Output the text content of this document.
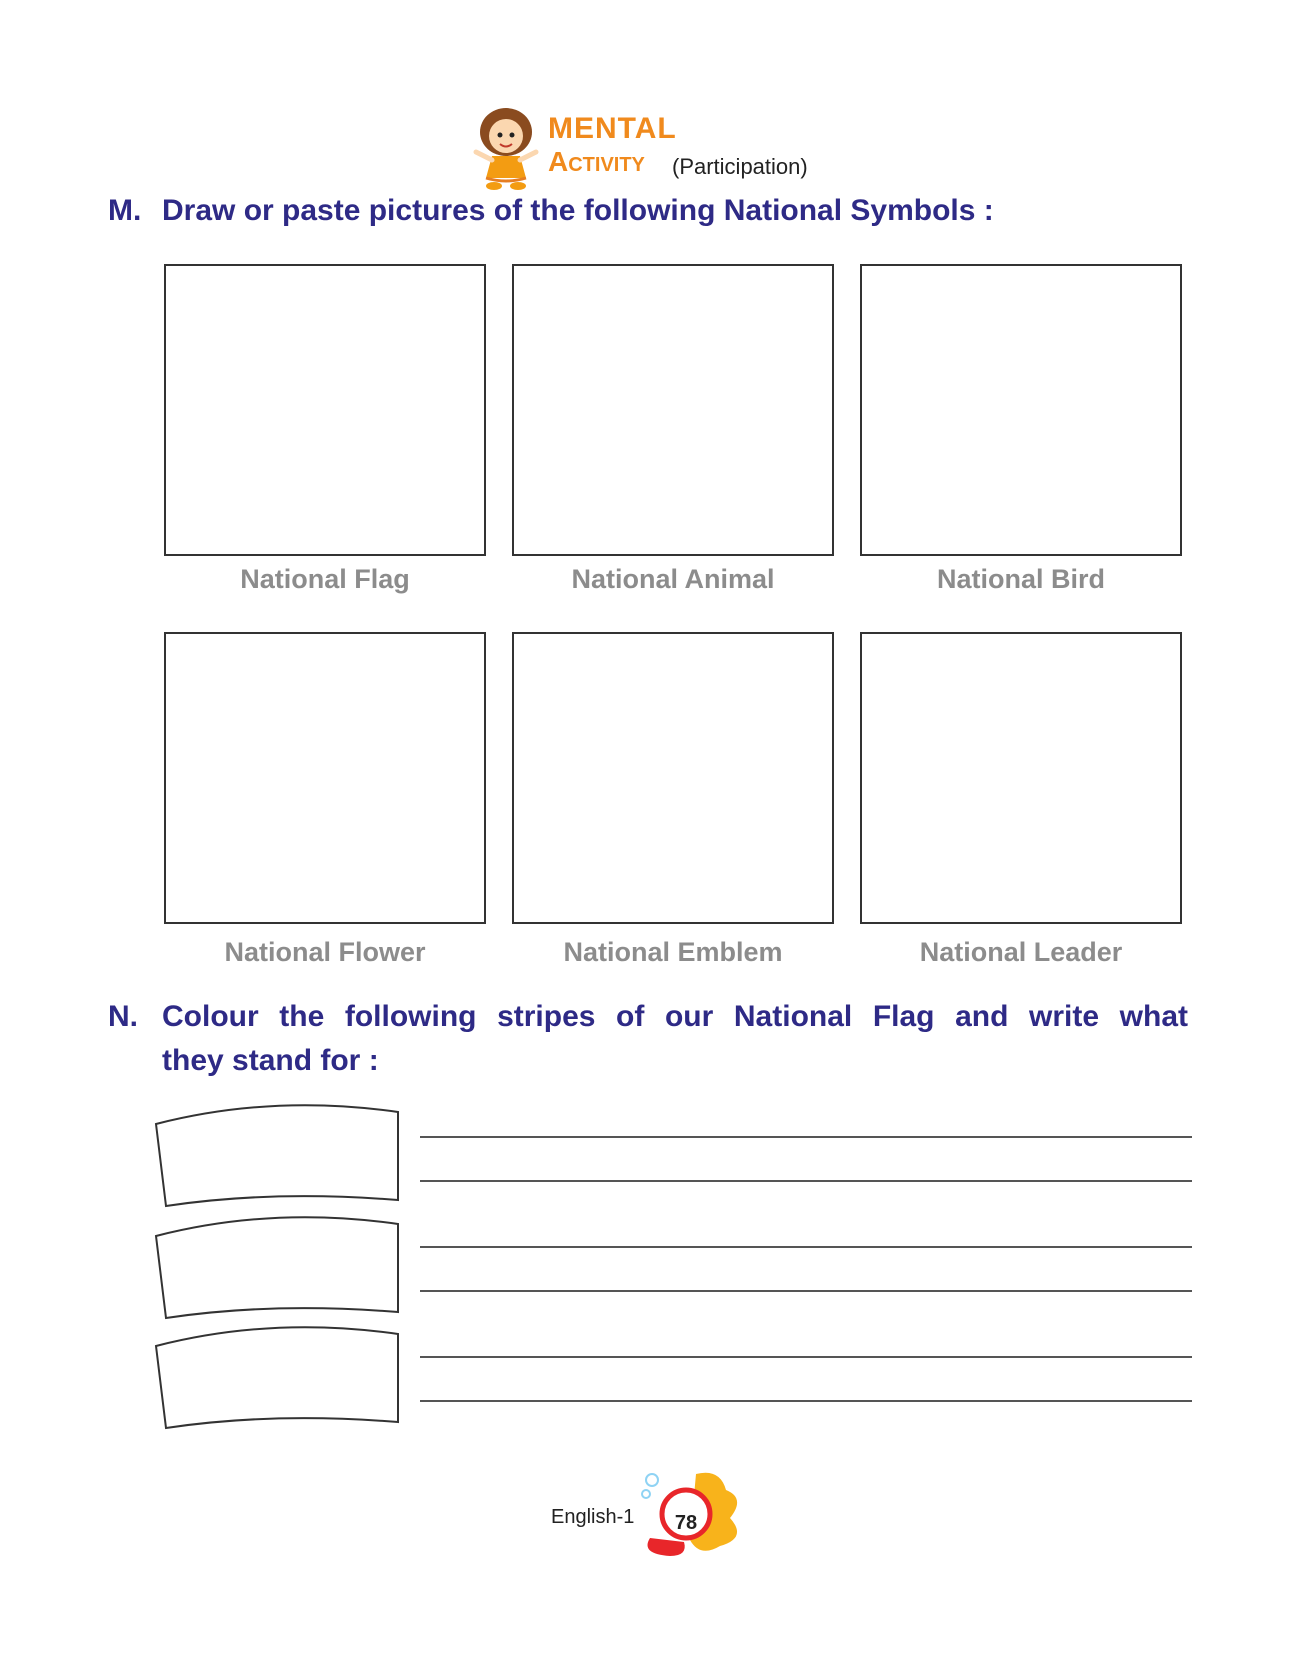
MENTAL
Activity (Participation)
M. Draw or paste pictures of the following National Symbols :
National Flag	National Animal	National Bird
National Flower	National Emblem	National Leader
N. Colour the following stripes of our National Flag and write what
they stand for :
English-1	78
